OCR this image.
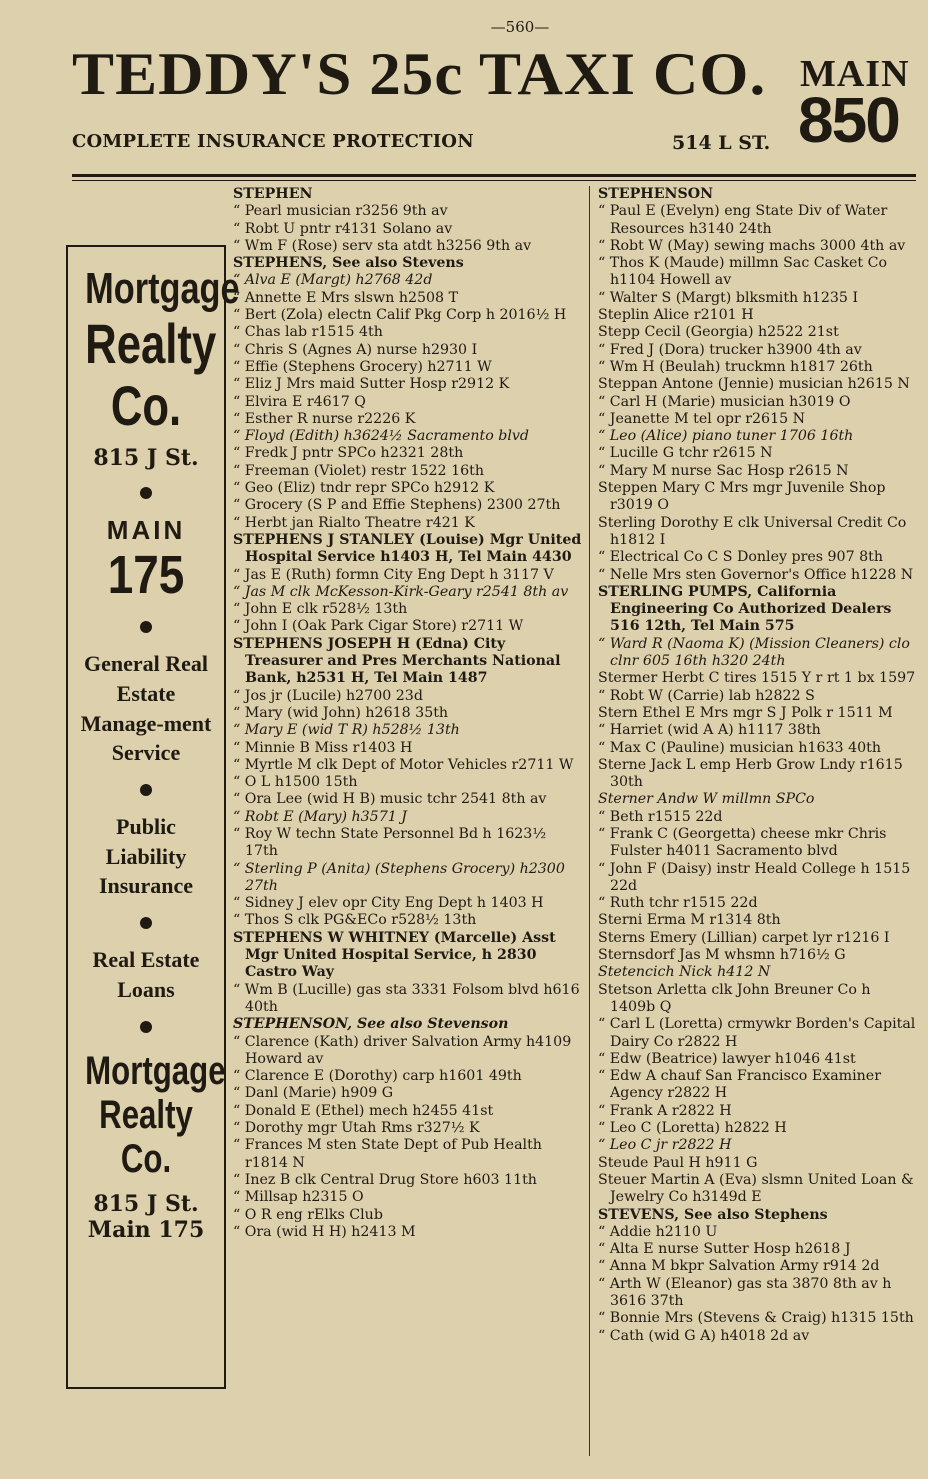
—560—
TEDDY'S 25c TAXI CO.
COMPLETE INSURANCE PROTECTION	514 L ST.
MAIN
850
Mortgage
Realty
Co.
815 J St.
MAIN
175
General Real Estate Manage-ment Service
Public Liability Insurance
Real Estate Loans
Mortgage
Realty
Co.
815 J St.
Main 175
STEPHEN
“ Pearl musician r3256 9th av
“ Robt U pntr r4131 Solano av
“ Wm F (Rose) serv sta atdt h3256 9th av
STEPHENS, See also Stevens
“ Alva E (Margt) h2768 42d
“ Annette E Mrs slswn h2508 T
“ Bert (Zola) electn Calif Pkg Corp h 2016½ H
“ Chas lab r1515 4th
“ Chris S (Agnes A) nurse h2930 I
“ Effie (Stephens Grocery) h2711 W
“ Eliz J Mrs maid Sutter Hosp r2912 K
“ Elvira E r4617 Q
“ Esther R nurse r2226 K
“ Floyd (Edith) h3624½ Sacramento blvd
“ Fredk J pntr SPCo h2321 28th
“ Freeman (Violet) restr 1522 16th
“ Geo (Eliz) tndr repr SPCo h2912 K
“ Grocery (S P and Effie Stephens) 2300 27th
“ Herbt jan Rialto Theatre r421 K
STEPHENS J STANLEY (Louise) Mgr United Hospital Service h1403 H, Tel Main 4430
“ Jas E (Ruth) formn City Eng Dept h 3117 V
“ Jas M clk McKesson-Kirk-Geary r2541 8th av
“ John E clk r528½ 13th
“ John I (Oak Park Cigar Store) r2711 W
STEPHENS JOSEPH H (Edna) City Treasurer and Pres Merchants National Bank, h2531 H, Tel Main 1487
“ Jos jr (Lucile) h2700 23d
“ Mary (wid John) h2618 35th
“ Mary E (wid T R) h528½ 13th
“ Minnie B Miss r1403 H
“ Myrtle M clk Dept of Motor Vehicles r2711 W
“ O L h1500 15th
“ Ora Lee (wid H B) music tchr 2541 8th av
“ Robt E (Mary) h3571 J
“ Roy W techn State Personnel Bd h 1623½ 17th
“ Sterling P (Anita) (Stephens Grocery) h2300 27th
“ Sidney J elev opr City Eng Dept h 1403 H
“ Thos S clk PG&ECo r528½ 13th
STEPHENS W WHITNEY (Marcelle) Asst Mgr United Hospital Service, h 2830 Castro Way
“ Wm B (Lucille) gas sta 3331 Folsom blvd h616 40th
STEPHENSON, See also Stevenson
“ Clarence (Kath) driver Salvation Army h4109 Howard av
“ Clarence E (Dorothy) carp h1601 49th
“ Danl (Marie) h909 G
“ Donald E (Ethel) mech h2455 41st
“ Dorothy mgr Utah Rms r327½ K
“ Frances M sten State Dept of Pub Health r1814 N
“ Inez B clk Central Drug Store h603 11th
“ Millsap h2315 O
“ O R eng rElks Club
“ Ora (wid H H) h2413 M
STEPHENSON
“ Paul E (Evelyn) eng State Div of Water Resources h3140 24th
“ Robt W (May) sewing machs 3000 4th av
“ Thos K (Maude) millmn Sac Casket Co h1104 Howell av
“ Walter S (Margt) blksmith h1235 I
Steplin Alice r2101 H
Stepp Cecil (Georgia) h2522 21st
“ Fred J (Dora) trucker h3900 4th av
“ Wm H (Beulah) truckmn h1817 26th
Steppan Antone (Jennie) musician h2615 N
“ Carl H (Marie) musician h3019 O
“ Jeanette M tel opr r2615 N
“ Leo (Alice) piano tuner 1706 16th
“ Lucille G tchr r2615 N
“ Mary M nurse Sac Hosp r2615 N
Steppen Mary C Mrs mgr Juvenile Shop r3019 O
Sterling Dorothy E clk Universal Credit Co h1812 I
“ Electrical Co C S Donley pres 907 8th
“ Nelle Mrs sten Governor's Office h1228 N
STERLING PUMPS, California Engineering Co Authorized Dealers 516 12th, Tel Main 575
“ Ward R (Naoma K) (Mission Cleaners) clo clnr 605 16th h320 24th
Stermer Herbt C tires 1515 Y r rt 1 bx 1597
“ Robt W (Carrie) lab h2822 S
Stern Ethel E Mrs mgr S J Polk r 1511 M
“ Harriet (wid A A) h1117 38th
“ Max C (Pauline) musician h1633 40th
Sterne Jack L emp Herb Grow Lndy r1615 30th
Sterner Andw W millmn SPCo
“ Beth r1515 22d
“ Frank C (Georgetta) cheese mkr Chris Fulster h4011 Sacramento blvd
“ John F (Daisy) instr Heald College h 1515 22d
“ Ruth tchr r1515 22d
Sterni Erma M r1314 8th
Sterns Emery (Lillian) carpet lyr r1216 I
Sternsdorf Jas M whsmn h716½ G
Stetencich Nick h412 N
Stetson Arletta clk John Breuner Co h 1409b Q
“ Carl L (Loretta) crmywkr Borden's Capital Dairy Co r2822 H
“ Edw (Beatrice) lawyer h1046 41st
“ Edw A chauf San Francisco Examiner Agency r2822 H
“ Frank A r2822 H
“ Leo C (Loretta) h2822 H
“ Leo C jr r2822 H
Steude Paul H h911 G
Steuer Martin A (Eva) slsmn United Loan & Jewelry Co h3149d E
STEVENS, See also Stephens
“ Addie h2110 U
“ Alta E nurse Sutter Hosp h2618 J
“ Anna M bkpr Salvation Army r914 2d
“ Arth W (Eleanor) gas sta 3870 8th av h 3616 37th
“ Bonnie Mrs (Stevens & Craig) h1315 15th
“ Cath (wid G A) h4018 2d av
